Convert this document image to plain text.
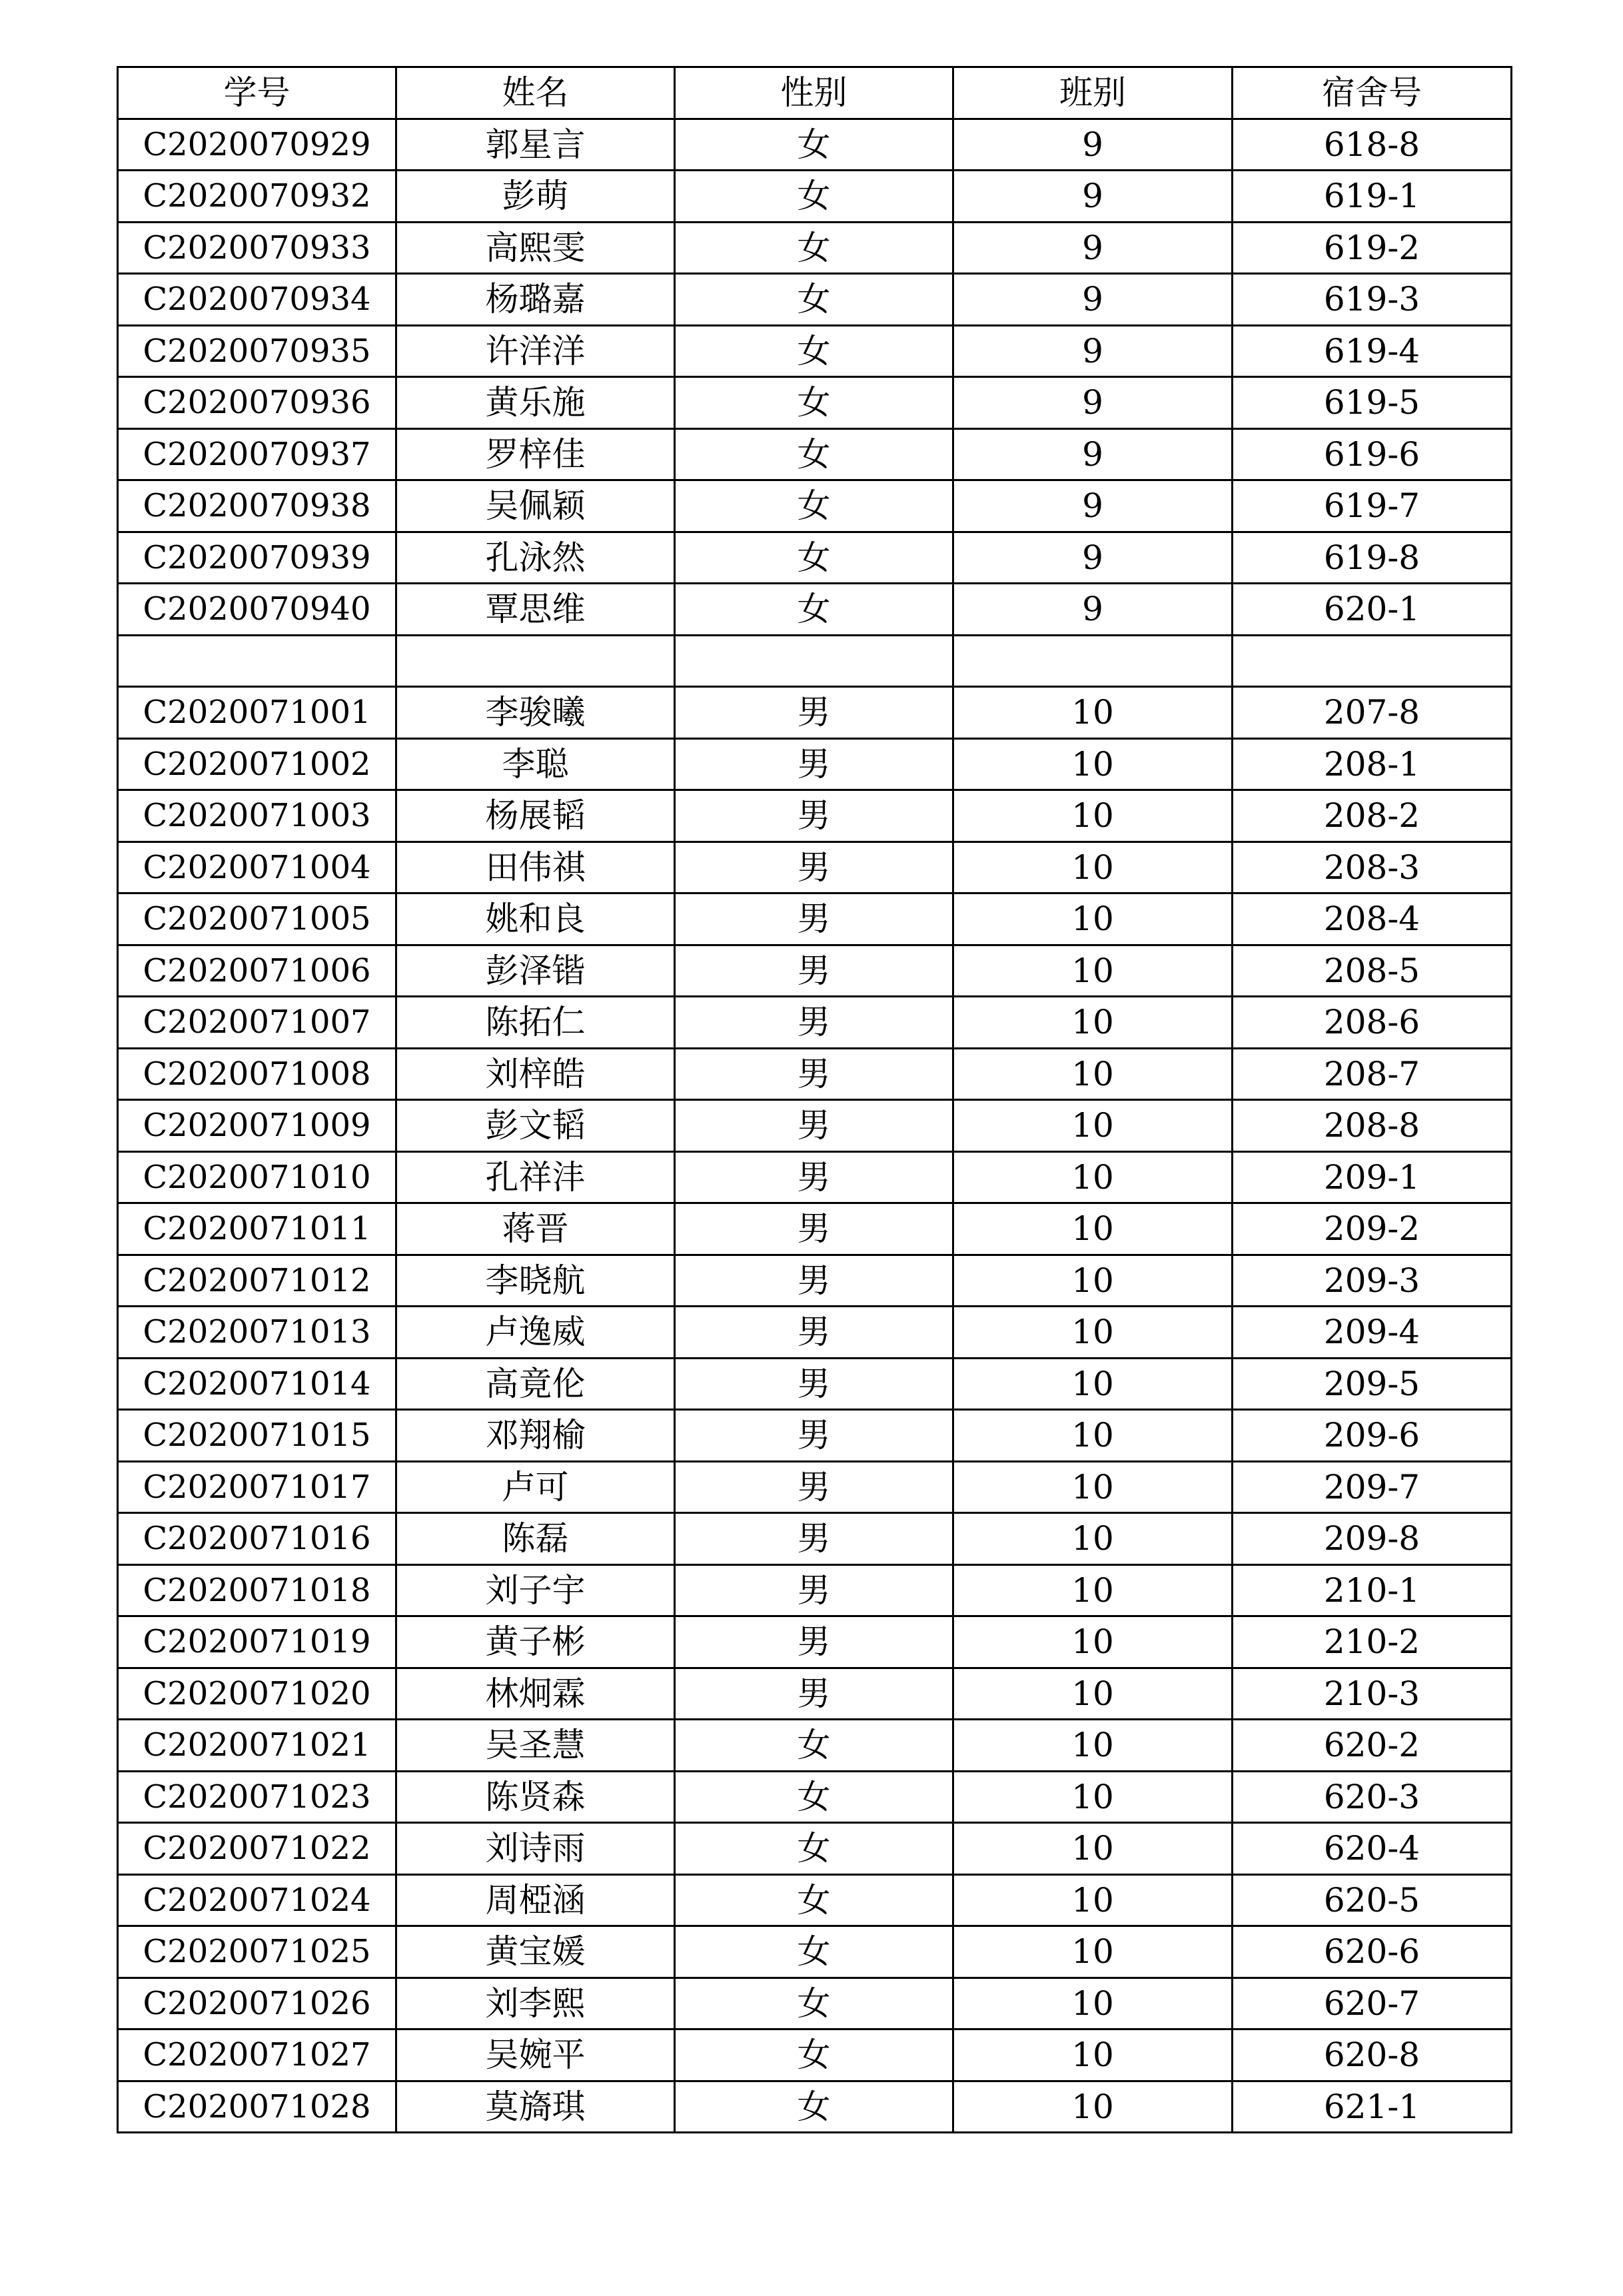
学号	姓名	性别	班别	宿舍号
C2020070929	郭星言	女	9	618-8
C2020070932	彭萌	女	9	619-1
C2020070933	高熙雯	女	9	619-2
C2020070934	杨璐嘉	女	9	619-3
C2020070935	许洋洋	女	9	619-4
C2020070936	黄乐施	女	9	619-5
C2020070937	罗梓佳	女	9	619-6
C2020070938	吴佩颖	女	9	619-7
C2020070939	孔泳然	女	9	619-8
C2020070940	覃思维	女	9	620-1

C2020071001	李骏曦	男	10	207-8
C2020071002	李聪	男	10	208-1
C2020071003	杨展韬	男	10	208-2
C2020071004	田伟祺	男	10	208-3
C2020071005	姚和良	男	10	208-4
C2020071006	彭泽锴	男	10	208-5
C2020071007	陈拓仁	男	10	208-6
C2020071008	刘梓皓	男	10	208-7
C2020071009	彭文韬	男	10	208-8
C2020071010	孔祥沣	男	10	209-1
C2020071011	蒋晋	男	10	209-2
C2020071012	李晓航	男	10	209-3
C2020071013	卢逸威	男	10	209-4
C2020071014	高竟伦	男	10	209-5
C2020071015	邓翔榆	男	10	209-6
C2020071017	卢可	男	10	209-7
C2020071016	陈磊	男	10	209-8
C2020071018	刘子宇	男	10	210-1
C2020071019	黄子彬	男	10	210-2
C2020071020	林炯霖	男	10	210-3
C2020071021	吴圣慧	女	10	620-2
C2020071023	陈贤森	女	10	620-3
C2020071022	刘诗雨	女	10	620-4
C2020071024	周椏涵	女	10	620-5
C2020071025	黄宝媛	女	10	620-6
C2020071026	刘李熙	女	10	620-7
C2020071027	吴婉平	女	10	620-8
C2020071028	莫旖琪	女	10	621-1
